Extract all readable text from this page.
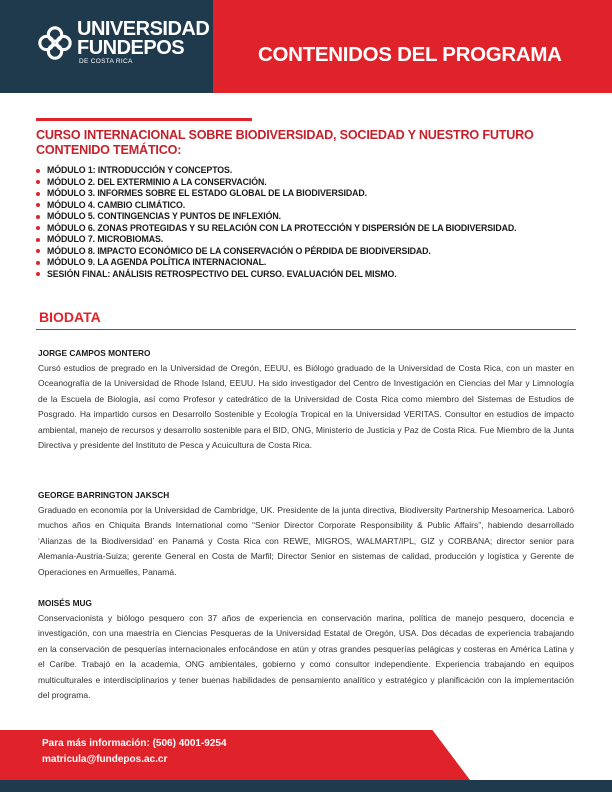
UNIVERSIDAD
FUNDEPOS
DE COSTA RICA	CONTENIDOS DEL PROGRAMA
CURSO INTERNACIONAL SOBRE BIODIVERSIDAD, SOCIEDAD Y NUESTRO FUTURO
CONTENIDO TEMÁTICO:
MÓDULO 1: INTRODUCCIÓN Y CONCEPTOS.
MÓDULO 2. DEL EXTERMINIO A LA CONSERVACIÓN.
MÓDULO 3. INFORMES SOBRE EL ESTADO GLOBAL DE LA BIODIVERSIDAD.
MÓDULO 4. CAMBIO CLIMÁTICO.
MÓDULO 5. CONTINGENCIAS Y PUNTOS DE INFLEXIÓN.
MÓDULO 6. ZONAS PROTEGIDAS Y SU RELACIÓN CON LA PROTECCIÓN Y DISPERSIÓN DE LA BIODIVERSIDAD.
MÓDULO 7. MICROBIOMAS.
MÓDULO 8. IMPACTO ECONÓMICO DE LA CONSERVACIÓN O PÉRDIDA DE BIODIVERSIDAD.
MÓDULO 9. LA AGENDA POLÍTICA INTERNACIONAL.
SESIÓN FINAL: ANÁLISIS RETROSPECTIVO DEL CURSO. EVALUACIÓN DEL MISMO.
BIODATA
JORGE CAMPOS MONTERO
Cursó estudios de pregrado en la Universidad de Oregón, EEUU, es Biólogo graduado de la Universidad de Costa Rica, con un master en Oceanografía de la Universidad de Rhode Island, EEUU. Ha sido investigador del Centro de Investigación en Ciencias del Mar y Limnología de la Escuela de Biología, así como Profesor y catedrático de la Universidad de Costa Rica como miembro del Sistemas de Estudios de Posgrado. Ha impartido cursos en Desarrollo Sostenible y Ecología Tropical en la Universidad VERITAS. Consultor en estudios de impacto ambiental, manejo de recursos y desarrollo sostenible para el BID, ONG, Ministerio de Justicia y Paz de Costa Rica. Fue Miembro de la Junta Directiva y presidente del Instituto de Pesca y Acuicultura de Costa Rica.
GEORGE BARRINGTON JAKSCH
Graduado en economía por la Universidad de Cambridge, UK. Presidente de la junta directiva, Biodiversity Partnership Mesoamerica. Laboró muchos años en Chiquita Brands International como “Senior Director Corporate Responsibility & Public Affairs”, habiendo desarrollado ‘Alianzas de la Biodiversidad’ en Panamá y Costa Rica con REWE, MIGROS, WALMART/IPL, GIZ y CORBANA; director senior para Alemania-Austria-Suiza; gerente General en Costa de Marfil; Director Senior en sistemas de calidad, producción y logística y Gerente de Operaciones en Armuelles, Panamá.
MOISÉS MUG
Conservacionista y biólogo pesquero con 37 años de experiencia en conservación marina, política de manejo pesquero, docencia e investigación, con una maestría en Ciencias Pesqueras de la Universidad Estatal de Oregón, USA. Dos décadas de experiencia trabajando en la conservación de pesquerías internacionales enfocándose en atún y otras grandes pesquerías pelágicas y costeras en América Latina y el Caribe. Trabajó en la academia, ONG ambientales, gobierno y como consultor independiente. Experiencia trabajando en equipos multiculturales e interdisciplinarios y tener buenas habilidades de pensamiento analítico y estratégico y planificación con la implementación del programa.
Para más información: (506) 4001-9254
matricula@fundepos.ac.cr
